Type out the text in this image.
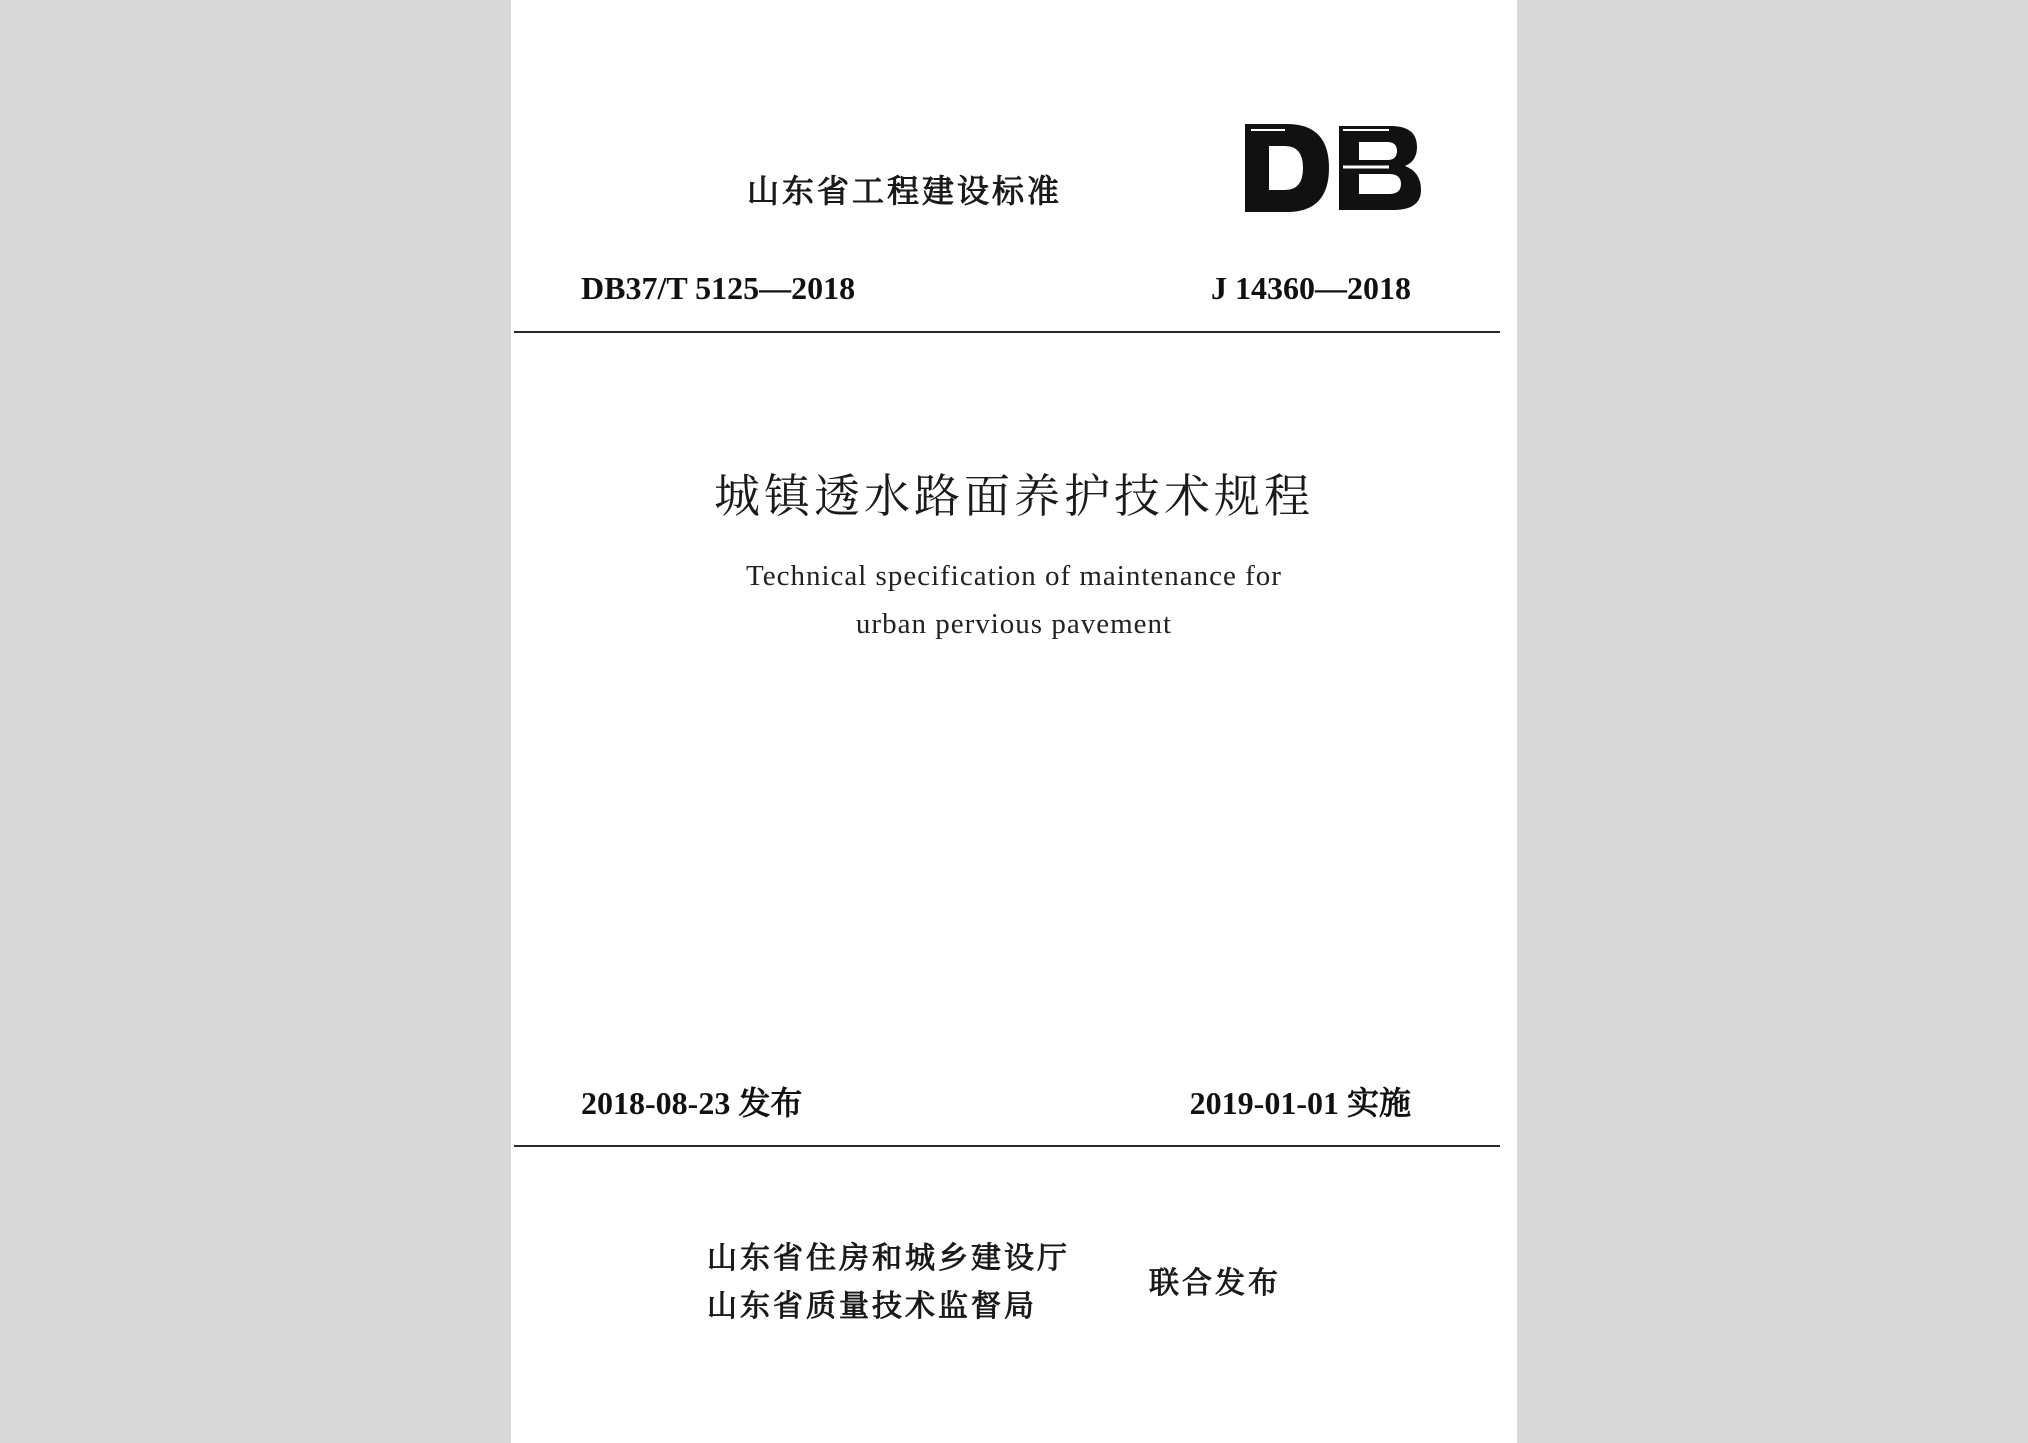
山东省工程建设标准
DB37/T 5125—2018	J 14360—2018
城镇透水路面养护技术规程
Technical specification of maintenance for
urban pervious pavement
2018-08-23 发布	2019-01-01 实施
山东省住房和城乡建设厅
山东省质量技术监督局
联合发布
